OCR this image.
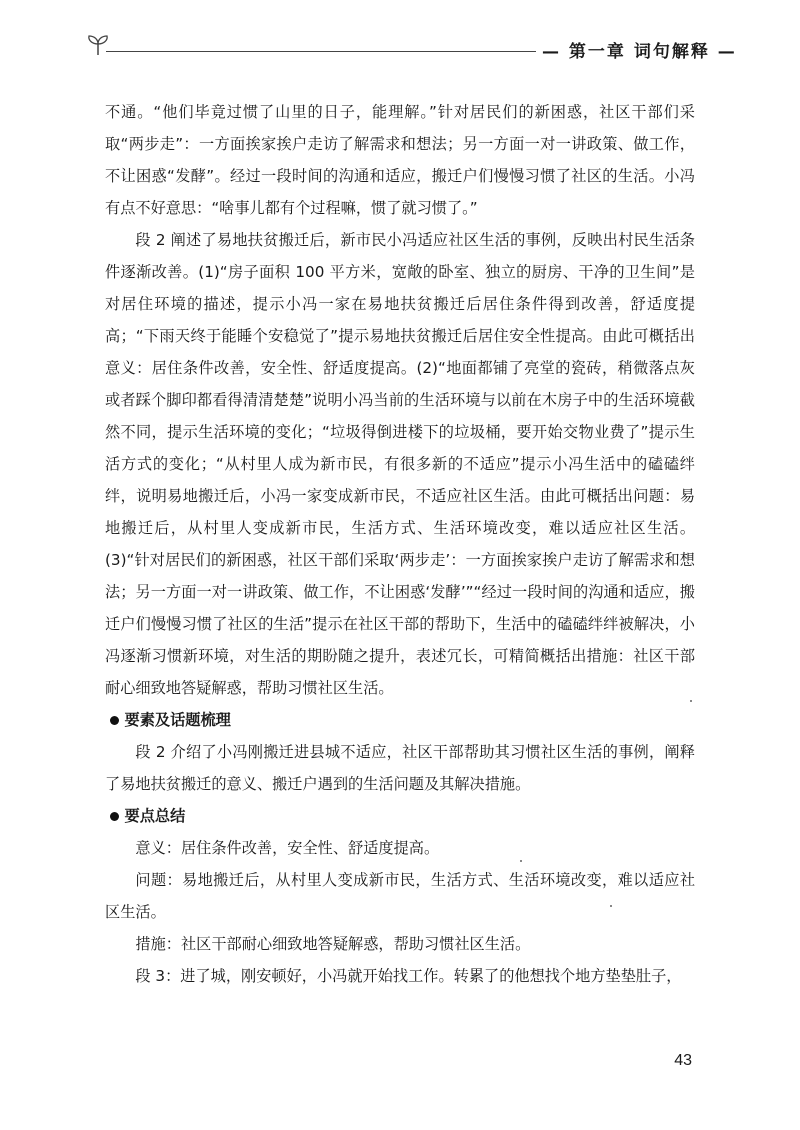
— 第一章 词句解释 —

不通。“他们毕竟过惯了山里的日子，能理解。”针对居民们的新困惑，社区干部们采取“两步走”：一方面挨家挨户走访了解需求和想法；另一方面一对一讲政策、做工作，不让困惑“发酵”。经过一段时间的沟通和适应，搬迁户们慢慢习惯了社区的生活。小冯有点不好意思：“啥事儿都有个过程嘛，惯了就习惯了。”

段 2 阐述了易地扶贫搬迁后，新市民小冯适应社区生活的事例，反映出村民生活条件逐渐改善。(1)“房子面积 100 平方米，宽敞的卧室、独立的厨房、干净的卫生间”是对居住环境的描述，提示小冯一家在易地扶贫搬迁后居住条件得到改善，舒适度提高；“下雨天终于能睡个安稳觉了”提示易地扶贫搬迁后居住安全性提高。由此可概括出意义：居住条件改善，安全性、舒适度提高。(2)“地面都铺了亮堂的瓷砖，稍微落点灰或者踩个脚印都看得清清楚楚”说明小冯当前的生活环境与以前在木房子中的生活环境截然不同，提示生活环境的变化；“垃圾得倒进楼下的垃圾桶，要开始交物业费了”提示生活方式的变化；“从村里人成为新市民，有很多新的不适应”提示小冯生活中的磕磕绊绊，说明易地搬迁后，小冯一家变成新市民，不适应社区生活。由此可概括出问题：易地搬迁后，从村里人变成新市民，生活方式、生活环境改变，难以适应社区生活。(3)“针对居民们的新困惑，社区干部们采取‘两步走’：一方面挨家挨户走访了解需求和想法；另一方面一对一讲政策、做工作，不让困惑‘发酵’”“经过一段时间的沟通和适应，搬迁户们慢慢习惯了社区的生活”提示在社区干部的帮助下，生活中的磕磕绊绊被解决，小冯逐渐习惯新环境，对生活的期盼随之提升，表述冗长，可精简概括出措施：社区干部耐心细致地答疑解惑，帮助习惯社区生活。

要素及话题梳理

段 2 介绍了小冯刚搬迁进县城不适应，社区干部帮助其习惯社区生活的事例，阐释了易地扶贫搬迁的意义、搬迁户遇到的生活问题及其解决措施。

要点总结

意义：居住条件改善，安全性、舒适度提高。

问题：易地搬迁后，从村里人变成新市民，生活方式、生活环境改变，难以适应社区生活。

措施：社区干部耐心细致地答疑解惑，帮助习惯社区生活。

段 3：进了城，刚安顿好，小冯就开始找工作。转累了的他想找个地方垫垫肚子，

43
